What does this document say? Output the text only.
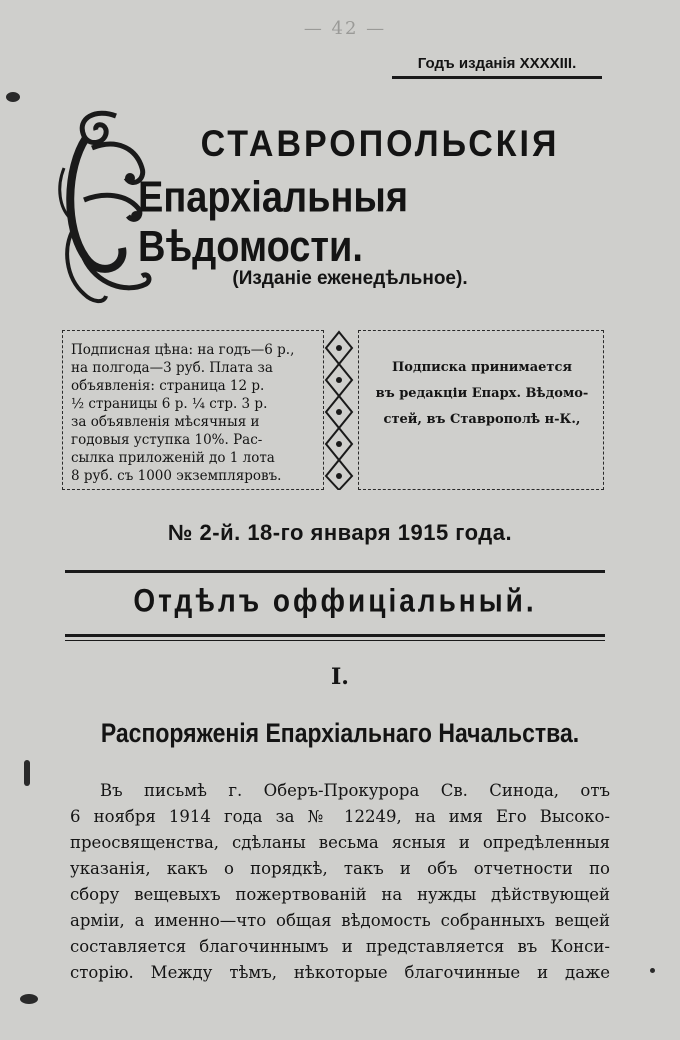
— 42 —
Годъ изданія XXXXIII.
СТАВРОПОЛЬСКІЯ
Епархіальныя Вѣдомости.
(Изданіе еженедѣльное).
Подписная цѣна: на годъ—6 р.,
на полгода—3 руб. Плата за
объявленія: страница 12 р.
½ страницы 6 р. ¼ стр. 3 р.
за объявленія мѣсячныя и
годовыя уступка 10%. Рас-
сылка приложеній до 1 лота
8 руб. съ 1000 экземпляровъ.
Подписка принимается
въ редакціи Епарх. Вѣдомо-
стей, въ Ставрополѣ н-К.,
№ 2-й. 18-го января 1915 года.
Отдѣлъ оффиціальный.
I.
Распоряженія Епархіальнаго Начальства.
Въ письмѣ г. Оберъ-Прокурора Св. Синода, отъ
6 ноября 1914 года за № 12249, на имя Его Высоко-
преосвященства, сдѣланы весьма ясныя и опредѣленныя
указанія, какъ о порядкѣ, такъ и объ отчетности по
сбору вещевыхъ пожертвованій на нужды дѣйствующей
арміи, а именно—что общая вѣдомость собранныхъ вещей
составляется благочиннымъ и представляется въ Конси-
сторію. Между тѣмъ, нѣкоторые благочинные и даже
